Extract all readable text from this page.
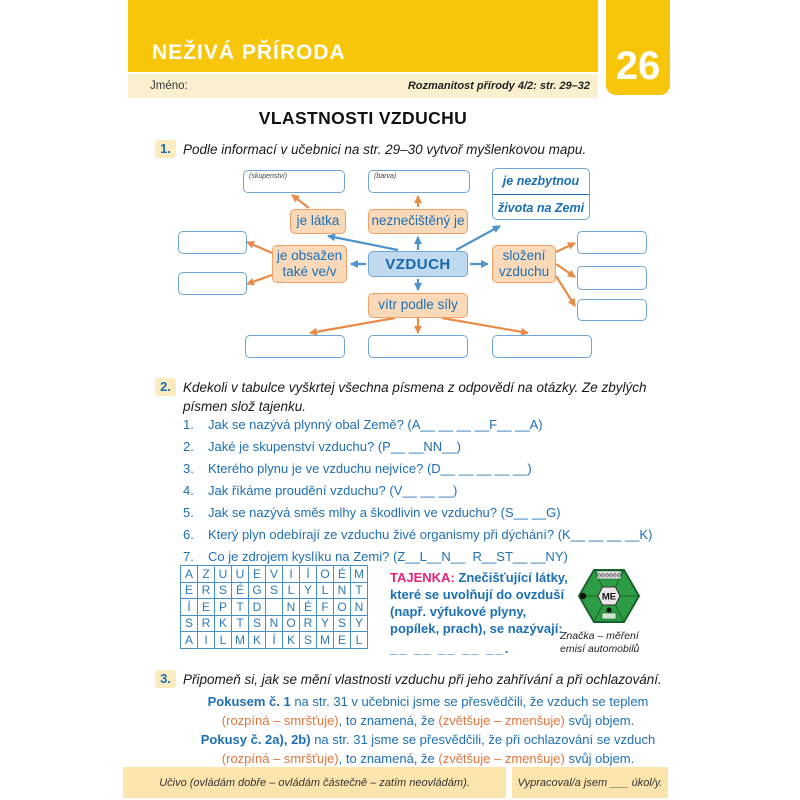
NEŽIVÁ PŘÍRODA	26
Jméno:	Rozmanitost přírody 4/2: str. 29–32
VLASTNOSTI VZDUCHU
1. Podle informací v učebnici na str. 29–30 vytvoř myšlenkovou mapu.
(skupenství)	(barva)	je nezbytnou
života na Zemi
je látka neznečištěný je
je obsažen
také ve/v	VZDUCH
složení
vzduchu
vítr podle síly
2. Kdekoli v tabulce vyškrtej všechna písmena z odpovědí na otázky. Ze zbylých písmen slož tajenku.
1.	Jak se nazývá plynný obal Země? (A__ __ __ __F__ __A)
2.	Jaké je skupenství vzduchu? (P__ __NN__)
3.	Kterého plynu je ve vzduchu nejvíce? (D__ __ __ __ __)
4.	Jak říkáme proudění vzduchu? (V__ __ __)
5.	Jak se nazývá směs mlhy a škodlivin ve vzduchu? (S__ __G)
6.	Který plyn odebírají ze vzduchu živé organismy při dýchání? (K__ __ __ __K)
7.	Co je zdrojem kyslíku na Zemi? (Z__L__N__  R__ST__ __NY)
A	Z	U	U	E	V	I	Í	O	É	M
E	R	S	É	G	S	L	Y	L	N	T
Í	E	P	T	D		N	É	F	O	N
S	R	K	T	S	N	O	R	Y	S	Y
A	I	L	M	K	Í	K	S	M	E	L
TAJENKA: Znečišťující látky, které se uvolňují do ovzduší (např. výfukové plyny, popílek, prach), se nazývají:
__ __ __ __ __.
000000
ME
Značka – měření
emisí automobilů
3. Připomeň si, jak se mění vlastnosti vzduchu při jeho zahřívání a při ochlazování.
Pokusem č. 1 na str. 31 v učebnici jsme se přesvědčili, že vzduch se teplem (rozpíná – smršťuje), to znamená, že (zvětšuje – zmenšuje) svůj objem.
Pokusy č. 2a), 2b) na str. 31 jsme se přesvědčili, že při ochlazování se vzduch (rozpíná – smršťuje), to znamená, že (zvětšuje – zmenšuje) svůj objem.
Učivo (ovládám dobře – ovládám částečně – zatím neovládám).	Vypracoval/a jsem ___ úkol/y.
